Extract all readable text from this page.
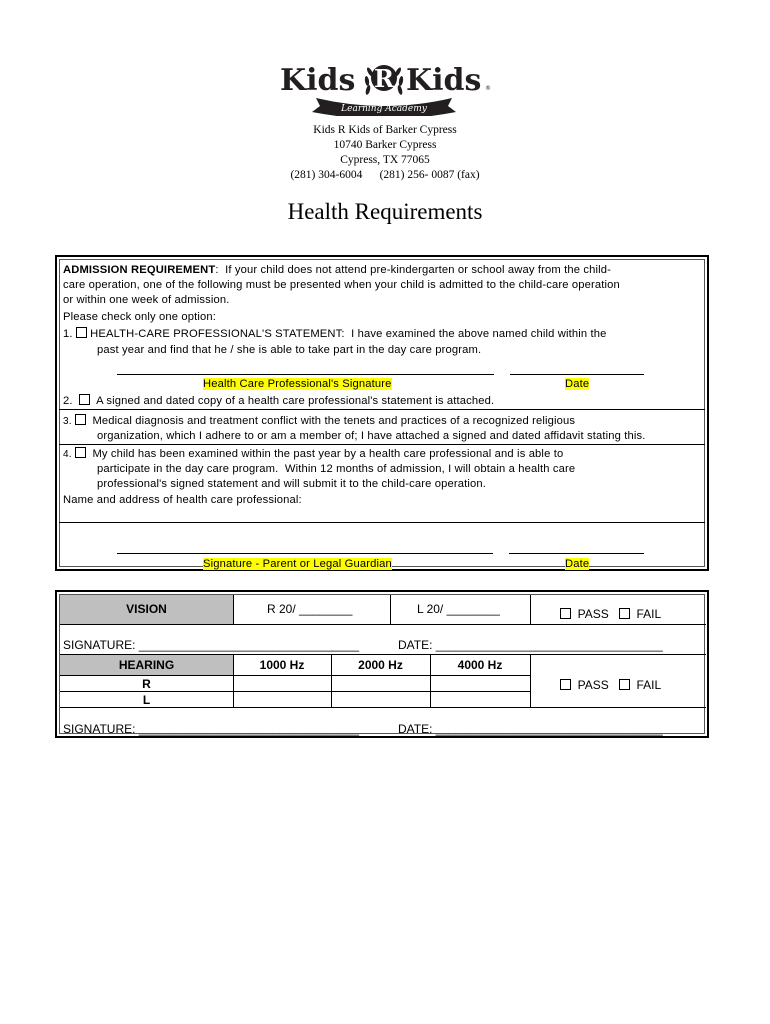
Kids R Kids ®
Learning Academy
Kids R Kids of Barker Cypress
10740 Barker Cypress
Cypress, TX 77065
(281) 304-6004 (281) 256- 0087 (fax)
Health Requirements
ADMISSION REQUIREMENT:  If your child does not attend pre-kindergarten or school away from the child-
care operation, one of the following must be presented when your child is admitted to the child-care operation
or within one week of admission.
Please check only one option:
1. HEALTH-CARE PROFESSIONAL'S STATEMENT:  I have examined the above named child within the
past year and find that he / she is able to take part in the day care program.
Health Care Professional's Signature	Date
2. A signed and dated copy of a health care professional's statement is attached.
3. Medical diagnosis and treatment conflict with the tenets and practices of a recognized religious
organization, which I adhere to or am a member of; I have attached a signed and dated affidavit stating this.
4. My child has been examined within the past year by a health care professional and is able to
participate in the day care program.  Within 12 months of admission, I will obtain a health care
professional's signed statement and will submit it to the child-care operation.
Name and address of health care professional:
Signature - Parent or Legal Guardian	Date
VISION	R 20/ ________	L 20/ ________	PASS FAIL
SIGNATURE: _________________________________	DATE: __________________________________
HEARING	1000 Hz	2000 Hz	4000 Hz
R
L
PASS FAIL
SIGNATURE: _________________________________	DATE: __________________________________
